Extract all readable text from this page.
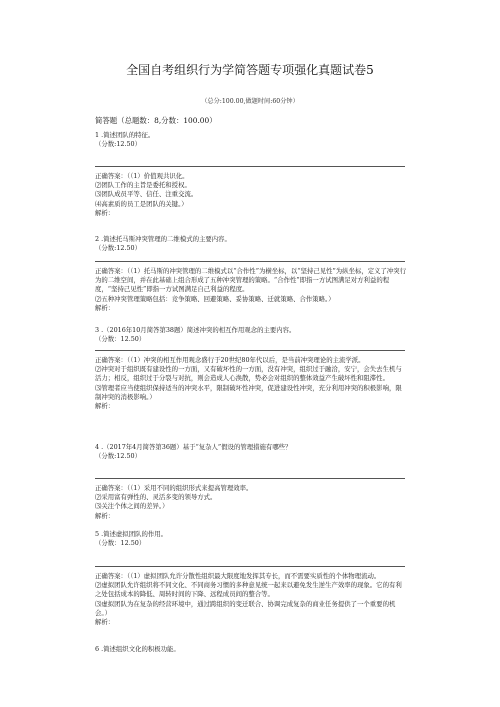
全国自考组织行为学简答题专项强化真题试卷5
（总分:100.00,做题时间:60分钟）
简答题（总题数：8,分数：100.00）
1 .简述团队的特征。
（分数:12.50）
正确答案：（（1）价值观共识化。
⑵团队工作的主旨是委托和授权。
⑶团队成员平等、信任、注重交流。
⑷高素质的员工是团队的关键。）
解析：
2 .简述托马斯冲突管理的二维模式的主要内容。
（分数:12.50）
正确答案：（（1）托马斯的冲突管理的二维模式以“合作性”为横坐标，以“坚持己见性”为纵坐标，定义了冲突行为的二维空间，并在此基础上组合形成了五种冲突管理的策略。“合作性”即指一方试图满足对方利益的程度，“坚持己见性”即指一方试图满足自己利益的程度。
⑵五种冲突管理策略包括：竞争策略、回避策略、妥协策略、迁就策略、合作策略。）
解析：
3 .（2016年10月简答第38题）简述冲突的相互作用观念的主要内容。
（分数：12.50）
正确答案：（（1）冲突的相互作用观念盛行于20世纪80年代以后，是当前冲突理论的主流学派。
⑵冲突对于组织既有建设性的一方面，又有破坏性的一方面，没有冲突，组织过于融洽，安宁，会失去生机与活力；相反，组织过于分裂与对抗，则会造成人心涣散，势必会对组织的整体效益产生破坏性和阻滞性。
⑶管理者应当使组织保持适当的冲突水平，限制破坏性冲突，促进建设性冲突，充分利用冲突的积极影响，限制冲突的消极影响。）
解析：
4 .（2017年4月简答第36题）基于“复杂人”假设的管理措施有哪些？
（分数:12.50）
正确答案：（（1）采用不同的组织形式来提高管理效率。
⑵采用富有弹性的、灵活多变的领导方式。
⑶关注个体之间的差异。）
解析：
5 .简述虚拟团队的作用。
（分数：12.50）
正确答案：（（1）虚拟团队允许分散性组织最大限度地发挥其专长，而不需要实质性的个体物理流动。
⑵虚拟团队允许组织将不同文化、不同商务习惯的多种意见统一起来以避免发生逆生产效率的现象。它的有利之处包括成本的降低、周转时间的下降、远程成员间的整合等。
⑶虚拟团队为在复杂的经营环境中，通过跨组织的变迁联合、协调完成复杂的商业任务提供了一个重要的机会。）
解析：
6 .简述组织文化的积极功能。
